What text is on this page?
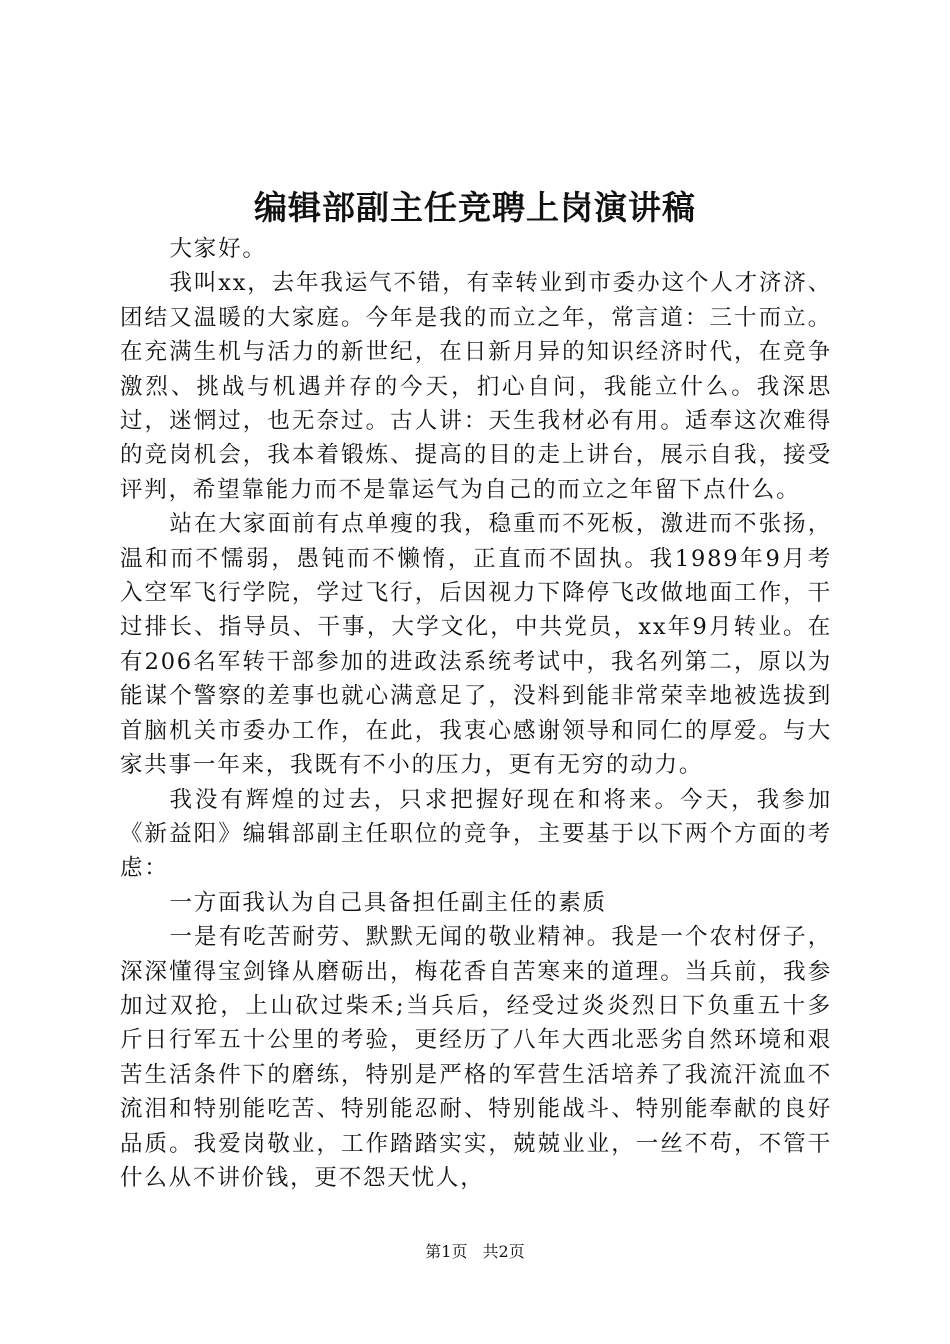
编辑部副主任竞聘上岗演讲稿

大家好。

我叫xx，去年我运气不错，有幸转业到市委办这个人才济济、团结又温暖的大家庭。今年是我的而立之年，常言道：三十而立。在充满生机与活力的新世纪，在日新月异的知识经济时代，在竞争激烈、挑战与机遇并存的今天，扪心自问，我能立什么。我深思过，迷惘过，也无奈过。古人讲：天生我材必有用。适奉这次难得的竞岗机会，我本着锻炼、提高的目的走上讲台，展示自我，接受评判，希望靠能力而不是靠运气为自己的而立之年留下点什么。

站在大家面前有点单瘦的我，稳重而不死板，激进而不张扬，温和而不懦弱，愚钝而不懒惰，正直而不固执。我1989年9月考入空军飞行学院，学过飞行，后因视力下降停飞改做地面工作，干过排长、指导员、干事，大学文化，中共党员，xx年9月转业。在有206名军转干部参加的进政法系统考试中，我名列第二，原以为能谋个警察的差事也就心满意足了，没料到能非常荣幸地被选拔到首脑机关市委办工作，在此，我衷心感谢领导和同仁的厚爱。与大家共事一年来，我既有不小的压力，更有无穷的动力。

我没有辉煌的过去，只求把握好现在和将来。今天，我参加《新益阳》编辑部副主任职位的竞争，主要基于以下两个方面的考虑：

一方面我认为自己具备担任副主任的素质

一是有吃苦耐劳、默默无闻的敬业精神。我是一个农村伢子，深深懂得宝剑锋从磨砺出，梅花香自苦寒来的道理。当兵前，我参加过双抢，上山砍过柴禾;当兵后，经受过炎炎烈日下负重五十多斤日行军五十公里的考验，更经历了八年大西北恶劣自然环境和艰苦生活条件下的磨练，特别是严格的军营生活培养了我流汗流血不流泪和特别能吃苦、特别能忍耐、特别能战斗、特别能奉献的良好品质。我爱岗敬业，工作踏踏实实，兢兢业业，一丝不苟，不管干什么从不讲价钱，更不怨天忧人，

第1页 共2页
